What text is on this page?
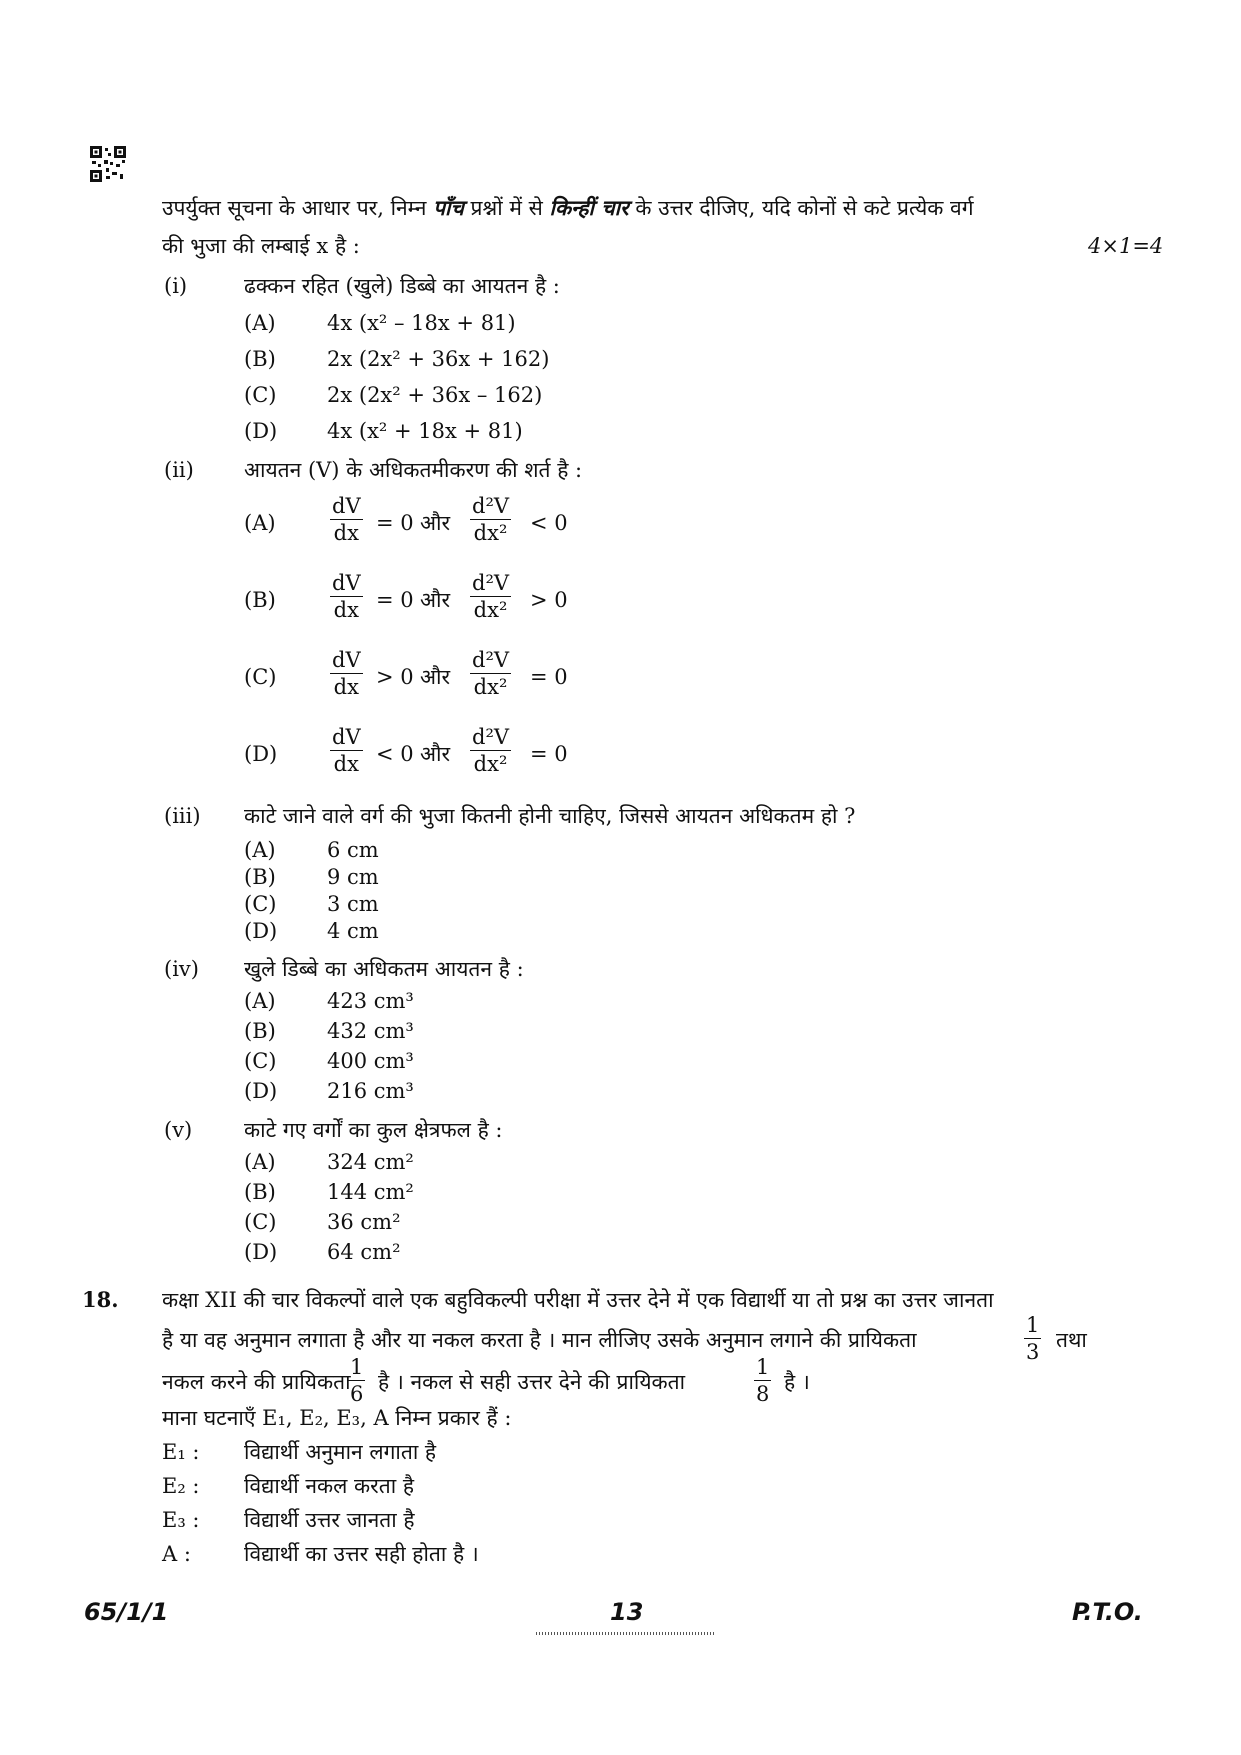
उपर्युक्त सूचना के आधार पर, निम्न पाँच प्रश्नों में से किन्हीं चार के उत्तर दीजिए, यदि कोनों से कटे प्रत्येक वर्ग
की भुजा की लम्बाई x है :	4×1=4
(i)	ढक्कन रहित (खुले) डिब्बे का आयतन है :
(A) 4x (x² – 18x + 81)
(B) 2x (2x² + 36x + 162)
(C) 2x (2x² + 36x – 162)
(D) 4x (x² + 18x + 81)
(ii) आयतन (V) के अधिकतमीकरण की शर्त है :
(A)	$\frac{dV}{dx} = 0$ और $\frac{\text{d²V}}{\text{dx²}} < 0$
(B)	$\frac{dV}{dx} = 0$ और $\frac{\text{d²V}}{\text{dx²}} > 0$
(C)	$\frac{dV}{dx} > 0$ और $\frac{\text{d²V}}{\text{dx²}} = 0$
(D)	$\frac{dV}{dx} < 0$ और $\frac{\text{d²V}}{\text{dx²}} = 0$
(iii) काटे जाने वाले वर्ग की भुजा कितनी होनी चाहिए, जिससे आयतन अधिकतम हो ?
(A) 6 cm
(B) 9 cm
(C) 3 cm
(D) 4 cm
(iv) खुले डिब्बे का अधिकतम आयतन है :
(A) 423 cm³
(B) 432 cm³
(C) 400 cm³
(D) 216 cm³
(v) काटे गए वर्गों का कुल क्षेत्रफल है :
(A) 324 cm²
(B) 144 cm²
(C) 36 cm²
(D) 64 cm²
18. कक्षा XII की चार विकल्पों वाले एक बहुविकल्पी परीक्षा में उत्तर देने में एक विद्यार्थी या तो प्रश्न का उत्तर जानता
है या वह अनुमान लगाता है और या नकल करता है । मान लीजिए उसके अनुमान लगाने की प्रायिकता	$\frac{1}{3}$ तथा
नकल करने की प्रायिकता
$\frac{1}{6}$ है । नकल से सही उत्तर देने की प्रायिकता	$\frac{1}{8}$ है ।
माना घटनाएँ E₁, E₂, E₃, A निम्न प्रकार हैं :
E₁ : विद्यार्थी अनुमान लगाता है
E₂ : विद्यार्थी नकल करता है
E₃ : विद्यार्थी उत्तर जानता है
A :	विद्यार्थी का उत्तर सही होता है ।
65/1/1	13	P.T.O.
